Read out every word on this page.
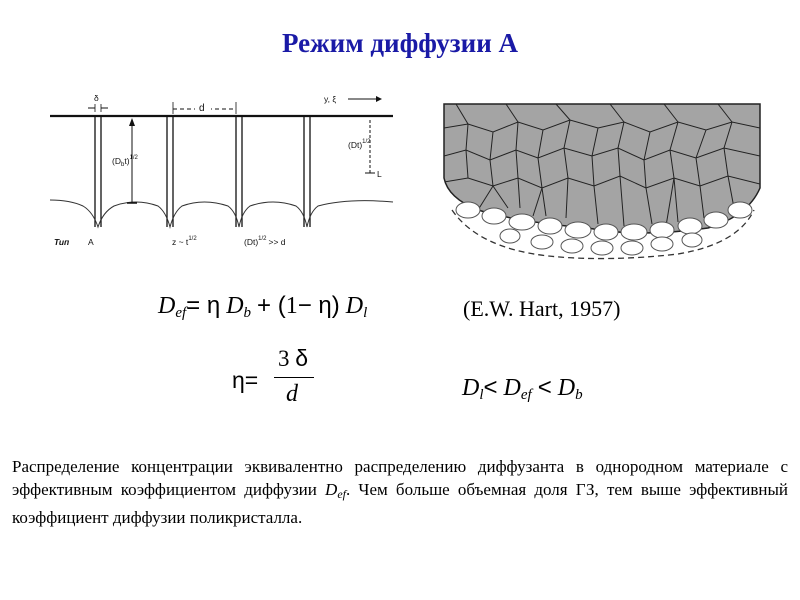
Режим диффузии А
δ
d
y, ξ
$(D_bt)^{1/2}$
$(Dt)^{1/2}$
L
Тип A	z ~ $t^{1/2}$	$(Dt)^{1/2} >> d$
$D_{ef}= \eta$ $D_b + (1- \eta)$ $D_l$	(E.W. Hart, 1957)
η=
3 δ
d	$D_l< D_{ef} < D_b$
Распределение концентрации эквивалентно распределению диффузанта в однородном материале с эффективным коэффициентом диффузии Def. Чем больше объемная доля ГЗ, тем выше эффективный коэффициент диффузии поликристалла.
